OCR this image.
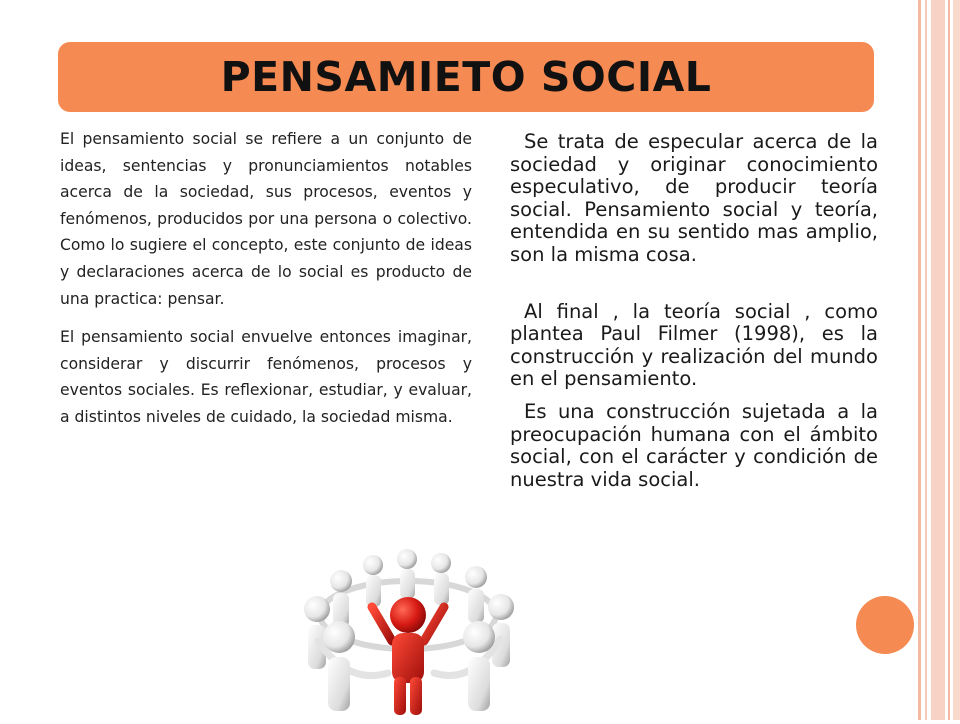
PENSAMIETO SOCIAL

El pensamiento social se refiere a un conjunto de ideas, sentencias y pronunciamientos notables acerca de la sociedad, sus procesos, eventos y fenómenos, producidos por una persona o colectivo. Como lo sugiere el concepto, este conjunto de ideas y declaraciones acerca de lo social es producto de una practica: pensar.

El pensamiento social envuelve entonces imaginar, considerar y discurrir fenómenos, procesos y eventos sociales. Es reflexionar, estudiar, y evaluar, a distintos niveles de cuidado, la sociedad misma.

Se trata de especular acerca de la sociedad y originar conocimiento especulativo, de producir teoría social. Pensamiento social y teoría, entendida en su sentido mas amplio, son la misma cosa.

Al final , la teoría social , como plantea Paul Filmer (1998), es la construcción y realización del mundo en el pensamiento.

Es una construcción sujetada a la preocupación humana con el ámbito social, con el carácter y condición de nuestra vida social.
